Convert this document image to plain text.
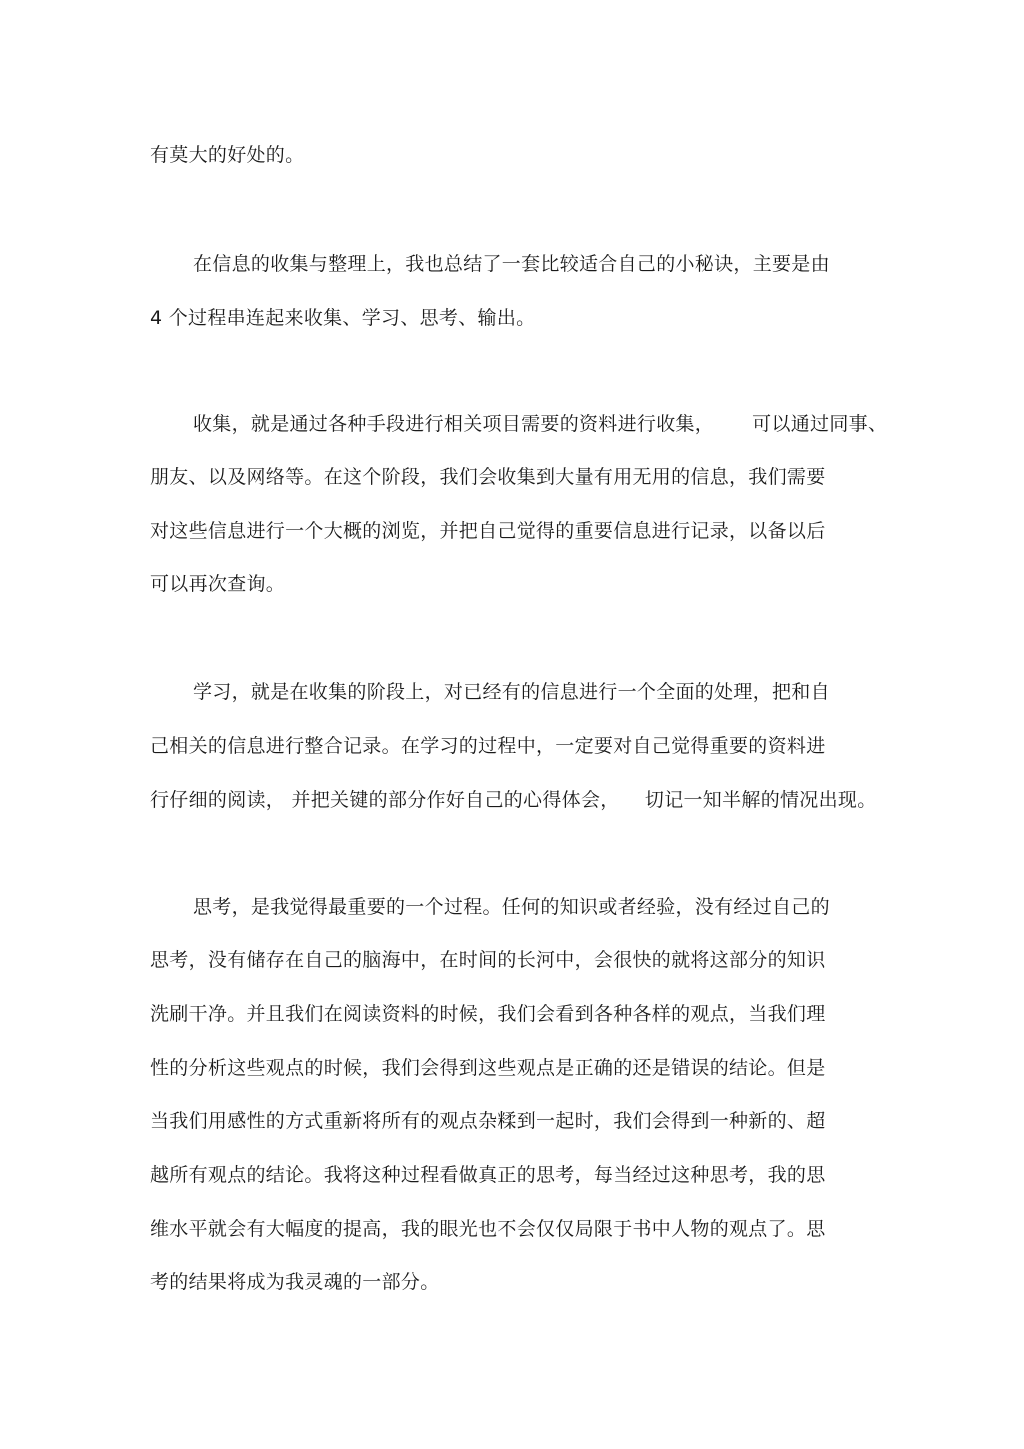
有莫大的好处的。
在信息的收集与整理上，我也总结了一套比较适合自己的小秘诀，主要是由
4 个过程串连起来收集、学习、思考、输出。
收集，就是通过各种手段进行相关项目需要的资料进行收集，      可以通过同事、
朋友、以及网络等。在这个阶段，我们会收集到大量有用无用的信息，我们需要
对这些信息进行一个大概的浏览，并把自己觉得的重要信息进行记录，以备以后
可以再次查询。
学习，就是在收集的阶段上，对已经有的信息进行一个全面的处理，把和自
己相关的信息进行整合记录。在学习的过程中，一定要对自己觉得重要的资料进
行仔细的阅读， 并把关键的部分作好自己的心得体会，    切记一知半解的情况出现。
思考，是我觉得最重要的一个过程。任何的知识或者经验，没有经过自己的
思考，没有储存在自己的脑海中，在时间的长河中，会很快的就将这部分的知识
洗刷干净。并且我们在阅读资料的时候，我们会看到各种各样的观点，当我们理
性的分析这些观点的时候，我们会得到这些观点是正确的还是错误的结论。但是
当我们用感性的方式重新将所有的观点杂糅到一起时，我们会得到一种新的、超
越所有观点的结论。我将这种过程看做真正的思考，每当经过这种思考，我的思
维水平就会有大幅度的提高，我的眼光也不会仅仅局限于书中人物的观点了。思
考的结果将成为我灵魂的一部分。
